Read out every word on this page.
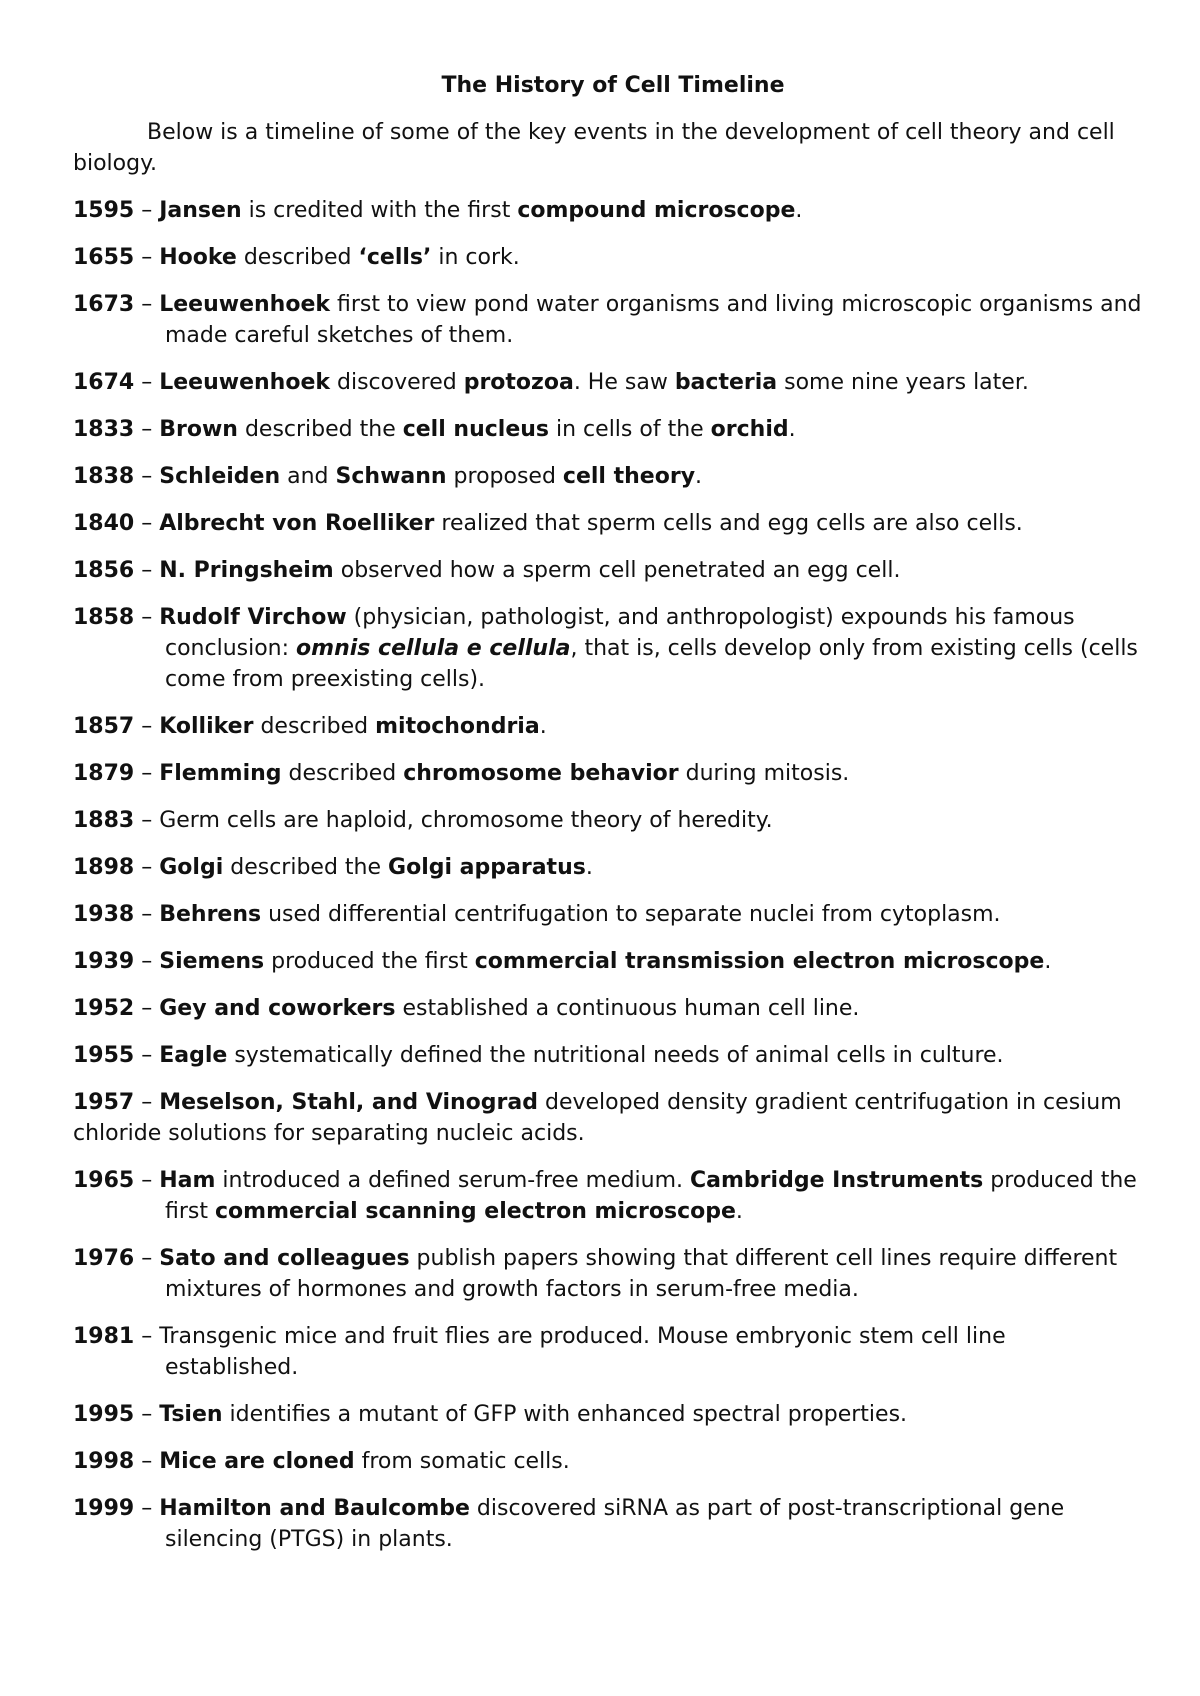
The History of Cell Timeline

Below is a timeline of some of the key events in the development of cell theory and cell biology.

1595 – Jansen is credited with the first compound microscope.

1655 – Hooke described ‘cells’ in cork.

1673 – Leeuwenhoek first to view pond water organisms and living microscopic organisms and made careful sketches of them.

1674 – Leeuwenhoek discovered protozoa. He saw bacteria some nine years later.

1833 – Brown described the cell nucleus in cells of the orchid.

1838 – Schleiden and Schwann proposed cell theory.

1840 – Albrecht von Roelliker realized that sperm cells and egg cells are also cells.

1856 – N. Pringsheim observed how a sperm cell penetrated an egg cell.

1858 – Rudolf Virchow (physician, pathologist, and anthropologist) expounds his famous conclusion: omnis cellula e cellula, that is, cells develop only from existing cells (cells come from preexisting cells).

1857 – Kolliker described mitochondria.

1879 – Flemming described chromosome behavior during mitosis.

1883 – Germ cells are haploid, chromosome theory of heredity.

1898 – Golgi described the Golgi apparatus.

1938 – Behrens used differential centrifugation to separate nuclei from cytoplasm.

1939 – Siemens produced the first commercial transmission electron microscope.

1952 – Gey and coworkers established a continuous human cell line.

1955 – Eagle systematically defined the nutritional needs of animal cells in culture.

1957 – Meselson, Stahl, and Vinograd developed density gradient centrifugation in cesium chloride solutions for separating nucleic acids.

1965 – Ham introduced a defined serum-free medium. Cambridge Instruments produced the first commercial scanning electron microscope.

1976 – Sato and colleagues publish papers showing that different cell lines require different mixtures of hormones and growth factors in serum-free media.

1981 – Transgenic mice and fruit flies are produced. Mouse embryonic stem cell line established.

1995 – Tsien identifies a mutant of GFP with enhanced spectral properties.

1998 – Mice are cloned from somatic cells.

1999 – Hamilton and Baulcombe discovered siRNA as part of post-transcriptional gene silencing (PTGS) in plants.
